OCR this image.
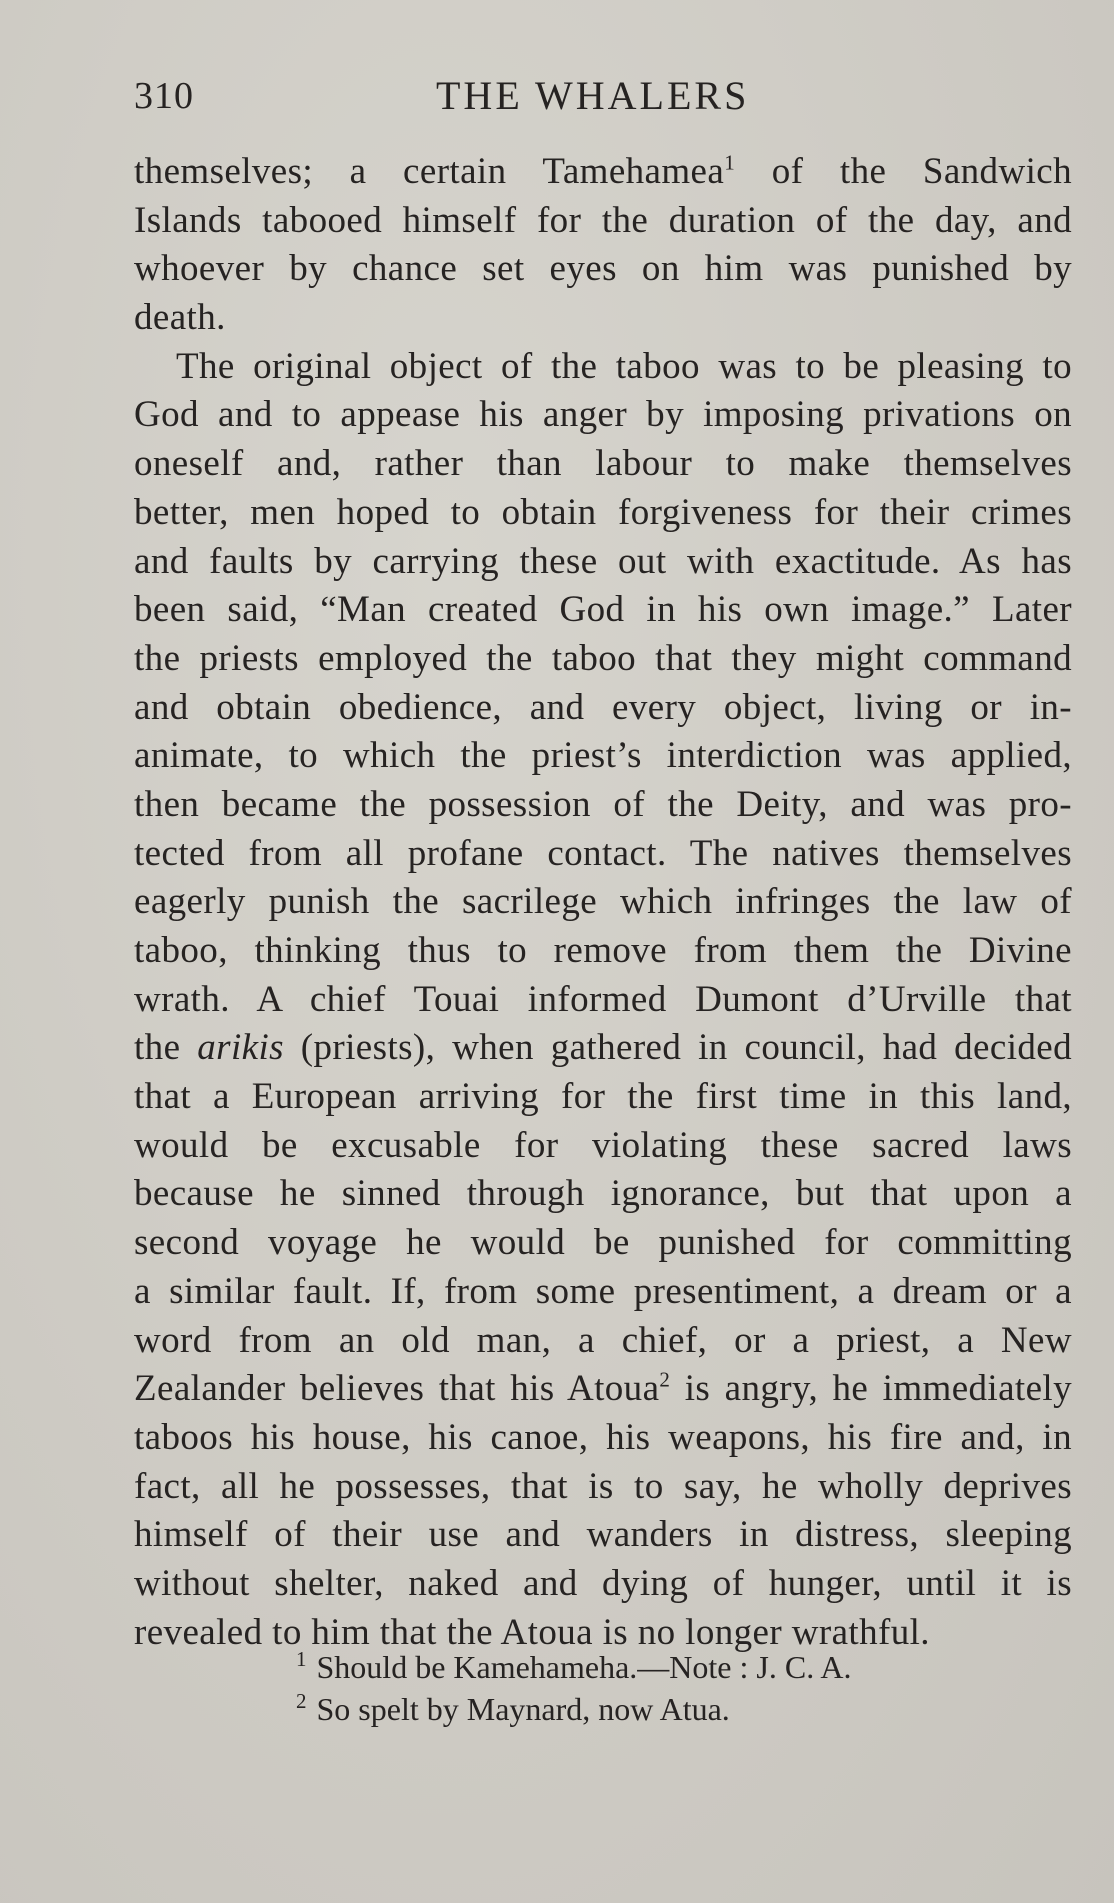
310	THE WHALERS
themselves; a certain Tamehamea$^1$ of the Sandwich
Islands tabooed himself for the duration of the day, and
whoever by chance set eyes on him was punished by
death.
The original object of the taboo was to be pleasing to
God and to appease his anger by imposing privations on
oneself and, rather than labour to make themselves
better, men hoped to obtain forgiveness for their crimes
and faults by carrying these out with exactitude. As has
been said, “Man created God in his own image.” Later
the priests employed the taboo that they might command
and obtain obedience, and every object, living or in-
animate, to which the priest’s interdiction was applied,
then became the possession of the Deity, and was pro-
tected from all profane contact. The natives themselves
eagerly punish the sacrilege which infringes the law of
taboo, thinking thus to remove from them the Divine
wrath. A chief Touai informed Dumont d’Urville that
the arikis (priests), when gathered in council, had decided
that a European arriving for the first time in this land,
would be excusable for violating these sacred laws
because he sinned through ignorance, but that upon a
second voyage he would be punished for committing
a similar fault. If, from some presentiment, a dream or a
word from an old man, a chief, or a priest, a New
Zealander believes that his Atoua$^2$ is angry, he immediately
taboos his house, his canoe, his weapons, his fire and, in
fact, all he possesses, that is to say, he wholly deprives
himself of their use and wanders in distress, sleeping
without shelter, naked and dying of hunger, until it is
revealed to him that the Atoua is no longer wrathful.
$^1$ Should be Kamehameha.—Note : J. C. A.
$^2$ So spelt by Maynard, now Atua.
